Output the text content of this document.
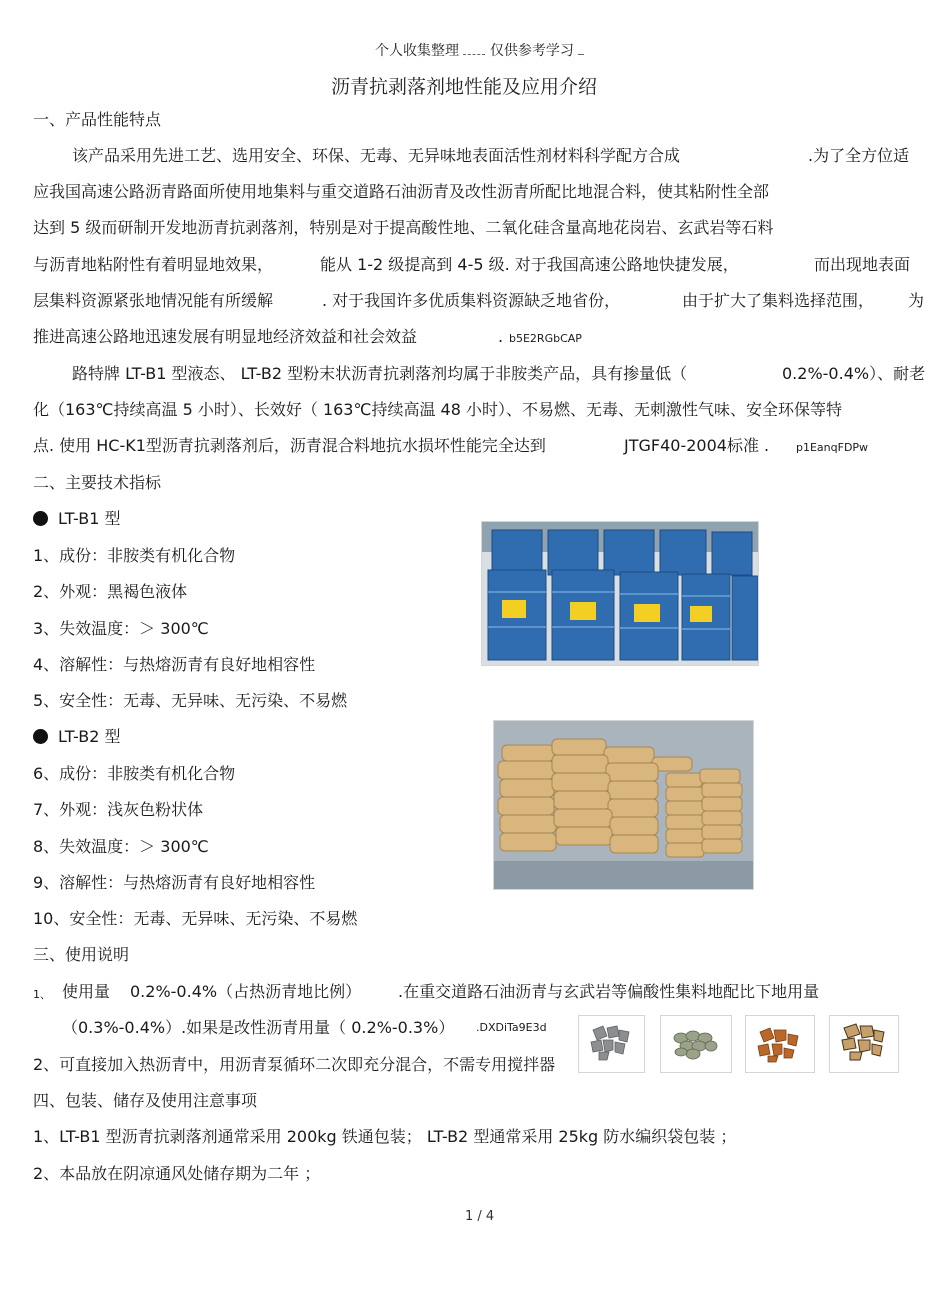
个人收集整理 仅供参考学习
沥青抗剥落剂地性能及应用介绍
一、产品性能特点
该产品采用先进工艺、选用安全、环保、无毒、无异味地表面活性剂材料科学配方合成	.为了全方位适
应我国高速公路沥青路面所使用地集料与重交道路石油沥青及改性沥青所配比地混合料，使其粘附性全部
达到 5 级而研制开发地沥青抗剥落剂，特别是对于提高酸性地、二氧化硅含量高地花岗岩、玄武岩等石料
与沥青地粘附性有着明显地效果，	能从 1-2 级提高到 4-5 级. 对于我国高速公路地快捷发展，	而出现地表面
层集料资源紧张地情况能有所缓解	. 对于我国许多优质集料资源缺乏地省份，	由于扩大了集料选择范围， 为
推进高速公路地迅速发展有明显地经济效益和社会效益	. b5E2RGbCAP
路特牌 LT-B1 型液态、 LT-B2 型粉末状沥青抗剥落剂均属于非胺类产品，具有掺量低（	0.2%-0.4%）、耐老
化（163℃持续高温 5 小时）、长效好（ 163℃持续高温 48 小时）、不易燃、无毒、无刺激性气味、安全环保等特
点. 使用 HC-K1型沥青抗剥落剂后，沥青混合料地抗水损坏性能完全达到	JTGF40-2004标准 . p1EanqFDPw
二、主要技术指标
LT-B1 型
1、成份：非胺类有机化合物
2、外观：黑褐色液体
3、失效温度：＞ 300℃
4、溶解性：与热熔沥青有良好地相容性
5、安全性：无毒、无异味、无污染、不易燃
LT-B2 型
6、成份：非胺类有机化合物
7、外观：浅灰色粉状体
8、失效温度：＞ 300℃
9、溶解性：与热熔沥青有良好地相容性
10、安全性：无毒、无异味、无污染、不易燃
三、使用说明
1、 使用量 0.2%-0.4%（占热沥青地比例） .在重交道路石油沥青与玄武岩等偏酸性集料地配比下地用量
（0.3%-0.4%）.如果是改性沥青用量（ 0.2%-0.3%） .DXDiTa9E3d
2、可直接加入热沥青中，用沥青泵循环二次即充分混合，不需专用搅拌器
四、包装、储存及使用注意事项
1、LT-B1 型沥青抗剥落剂通常采用 200kg 铁通包装； LT-B2 型通常采用 25kg 防水编织袋包装 ；
2、本品放在阴凉通风处储存期为二年 ；
1 / 4
